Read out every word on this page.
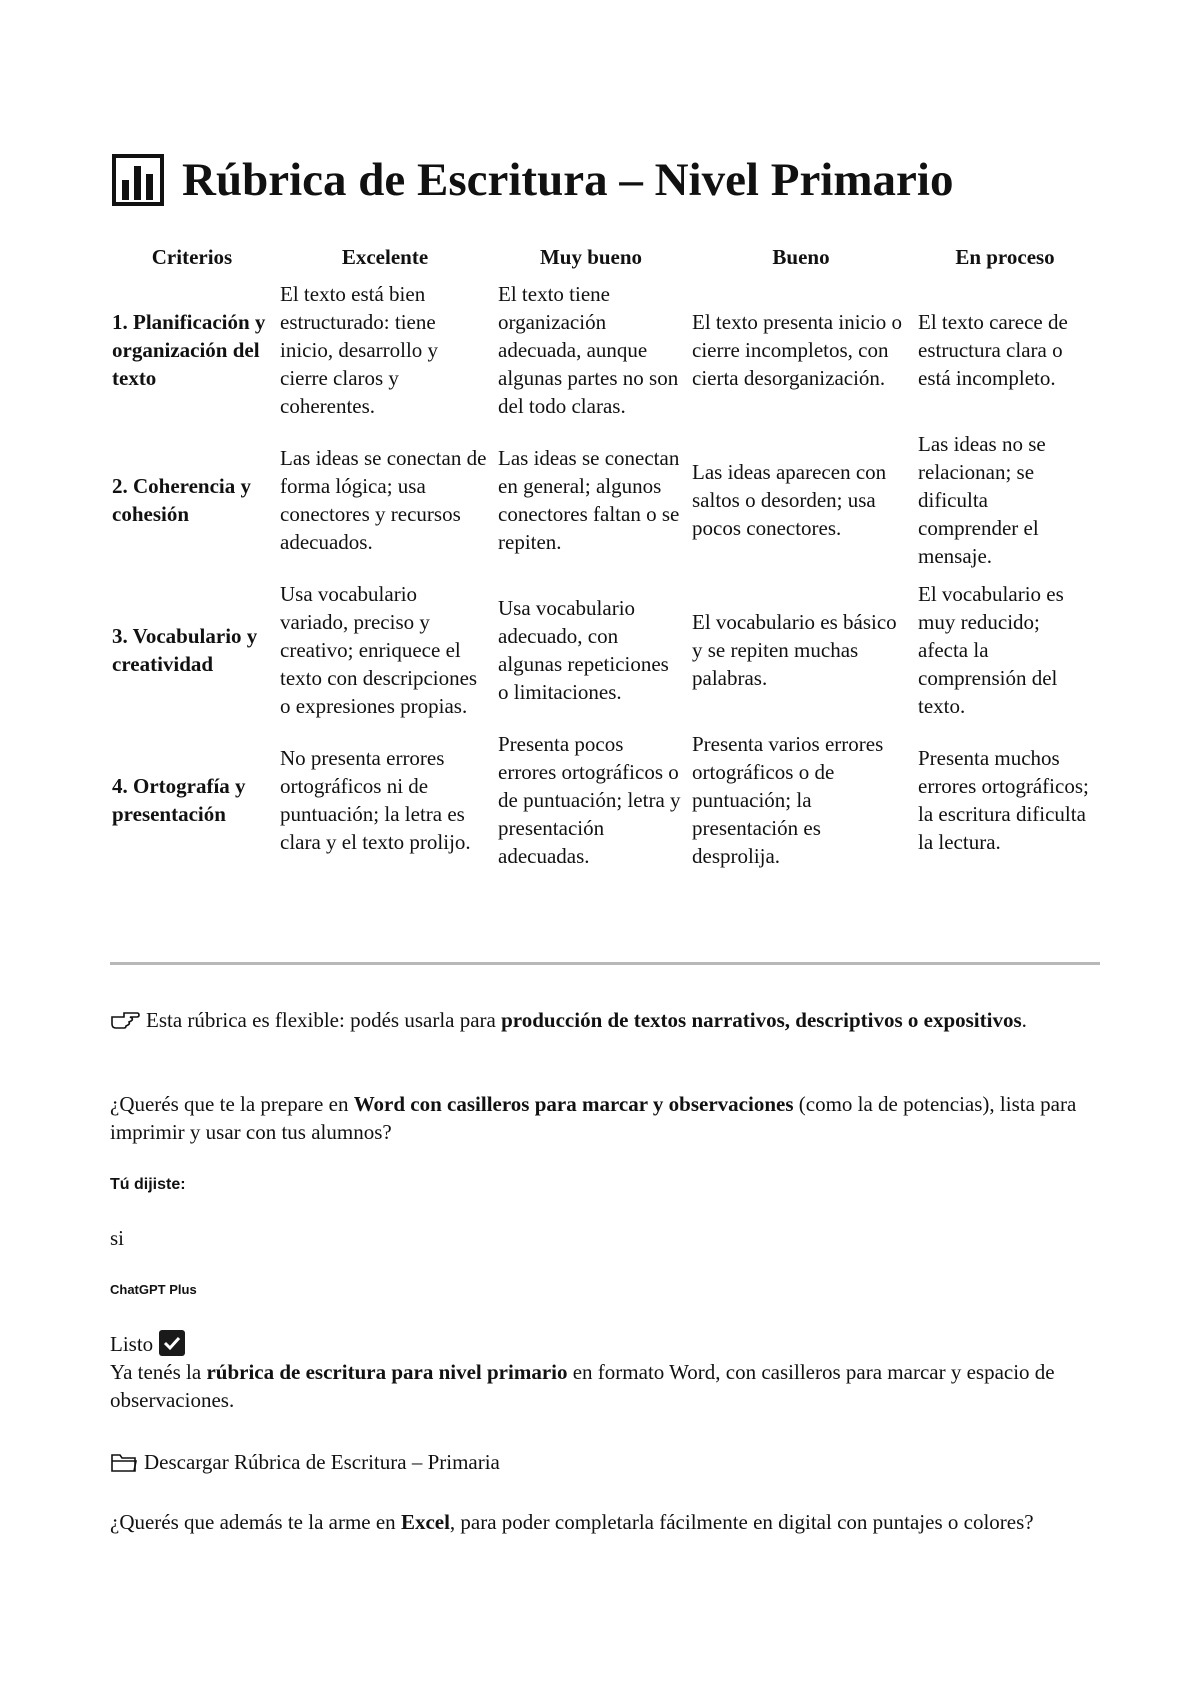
Rúbrica de Escritura – Nivel Primario
Criterios	Excelente	Muy bueno	Bueno	En proceso
1. Planificación y organización del texto	El texto está bien estructurado: tiene inicio, desarrollo y cierre claros y coherentes.	El texto tiene organización adecuada, aunque algunas partes no son del todo claras.	El texto presenta inicio o cierre incompletos, con cierta desorganización.	El texto carece de estructura clara o está incompleto.
2. Coherencia y cohesión	Las ideas se conectan de forma lógica; usa conectores y recursos adecuados.	Las ideas se conectan en general; algunos conectores faltan o se repiten.	Las ideas aparecen con saltos o desorden; usa pocos conectores.	Las ideas no se relacionan; se dificulta comprender el mensaje.
3. Vocabulario y creatividad	Usa vocabulario variado, preciso y creativo; enriquece el texto con descripciones o expresiones propias.	Usa vocabulario adecuado, con algunas repeticiones o limitaciones.	El vocabulario es básico y se repiten muchas palabras.	El vocabulario es muy reducido; afecta la comprensión del texto.
4. Ortografía y presentación	No presenta errores ortográficos ni de puntuación; la letra es clara y el texto prolijo.	Presenta pocos errores ortográficos o de puntuación; letra y presentación adecuadas.	Presenta varios errores ortográficos o de puntuación; la presentación es desprolija.	Presenta muchos errores ortográficos; la escritura dificulta la lectura.

Esta rúbrica es flexible: podés usarla para producción de textos narrativos, descriptivos o expositivos.

¿Querés que te la prepare en Word con casilleros para marcar y observaciones (como la de potencias), lista para imprimir y usar con tus alumnos?

Tú dijiste:

si

ChatGPT Plus

Listo

Ya tenés la rúbrica de escritura para nivel primario en formato Word, con casilleros para marcar y espacio de observaciones.

Descargar Rúbrica de Escritura – Primaria

¿Querés que además te la arme en Excel, para poder completarla fácilmente en digital con puntajes o colores?
